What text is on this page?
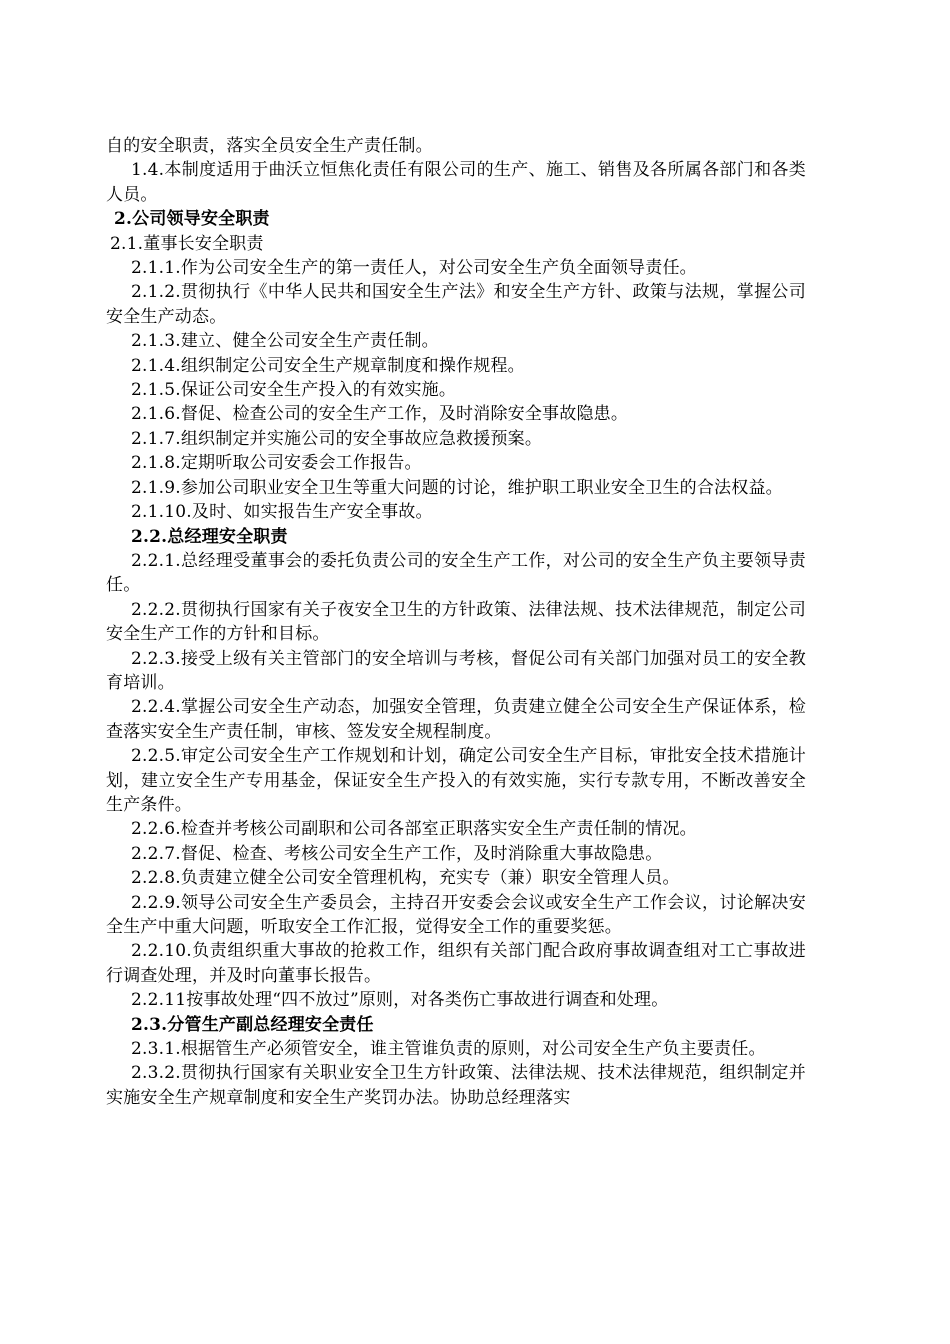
自的安全职责，落实全员安全生产责任制。

1.4.本制度适用于曲沃立恒焦化责任有限公司的生产、施工、销售及各所属各部门和各类人员。

2.公司领导安全职责

2.1.董事长安全职责

2.1.1.作为公司安全生产的第一责任人，对公司安全生产负全面领导责任。

2.1.2.贯彻执行《中华人民共和国安全生产法》和安全生产方针、政策与法规，掌握公司安全生产动态。

2.1.3.建立、健全公司安全生产责任制。

2.1.4.组织制定公司安全生产规章制度和操作规程。

2.1.5.保证公司安全生产投入的有效实施。

2.1.6.督促、检查公司的安全生产工作，及时消除安全事故隐患。

2.1.7.组织制定并实施公司的安全事故应急救援预案。

2.1.8.定期听取公司安委会工作报告。

2.1.9.参加公司职业安全卫生等重大问题的讨论，维护职工职业安全卫生的合法权益。

2.1.10.及时、如实报告生产安全事故。

2.2.总经理安全职责

2.2.1.总经理受董事会的委托负责公司的安全生产工作，对公司的安全生产负主要领导责任。

2.2.2.贯彻执行国家有关子夜安全卫生的方针政策、法律法规、技术法律规范，制定公司安全生产工作的方针和目标。

2.2.3.接受上级有关主管部门的安全培训与考核，督促公司有关部门加强对员工的安全教育培训。

2.2.4.掌握公司安全生产动态，加强安全管理，负责建立健全公司安全生产保证体系，检查落实安全生产责任制，审核、签发安全规程制度。

2.2.5.审定公司安全生产工作规划和计划，确定公司安全生产目标，审批安全技术措施计划，建立安全生产专用基金，保证安全生产投入的有效实施，实行专款专用，不断改善安全生产条件。

2.2.6.检查并考核公司副职和公司各部室正职落实安全生产责任制的情况。

2.2.7.督促、检查、考核公司安全生产工作，及时消除重大事故隐患。

2.2.8.负责建立健全公司安全管理机构，充实专（兼）职安全管理人员。

2.2.9.领导公司安全生产委员会，主持召开安委会会议或安全生产工作会议，讨论解决安全生产中重大问题，听取安全工作汇报，觉得安全工作的重要奖惩。

2.2.10.负责组织重大事故的抢救工作，组织有关部门配合政府事故调查组对工亡事故进行调查处理，并及时向董事长报告。

2.2.11按事故处理“四不放过”原则，对各类伤亡事故进行调查和处理。

2.3.分管生产副总经理安全责任

2.3.1.根据管生产必须管安全，谁主管谁负责的原则，对公司安全生产负主要责任。

2.3.2.贯彻执行国家有关职业安全卫生方针政策、法律法规、技术法律规范，组织制定并实施安全生产规章制度和安全生产奖罚办法。协助总经理落实
